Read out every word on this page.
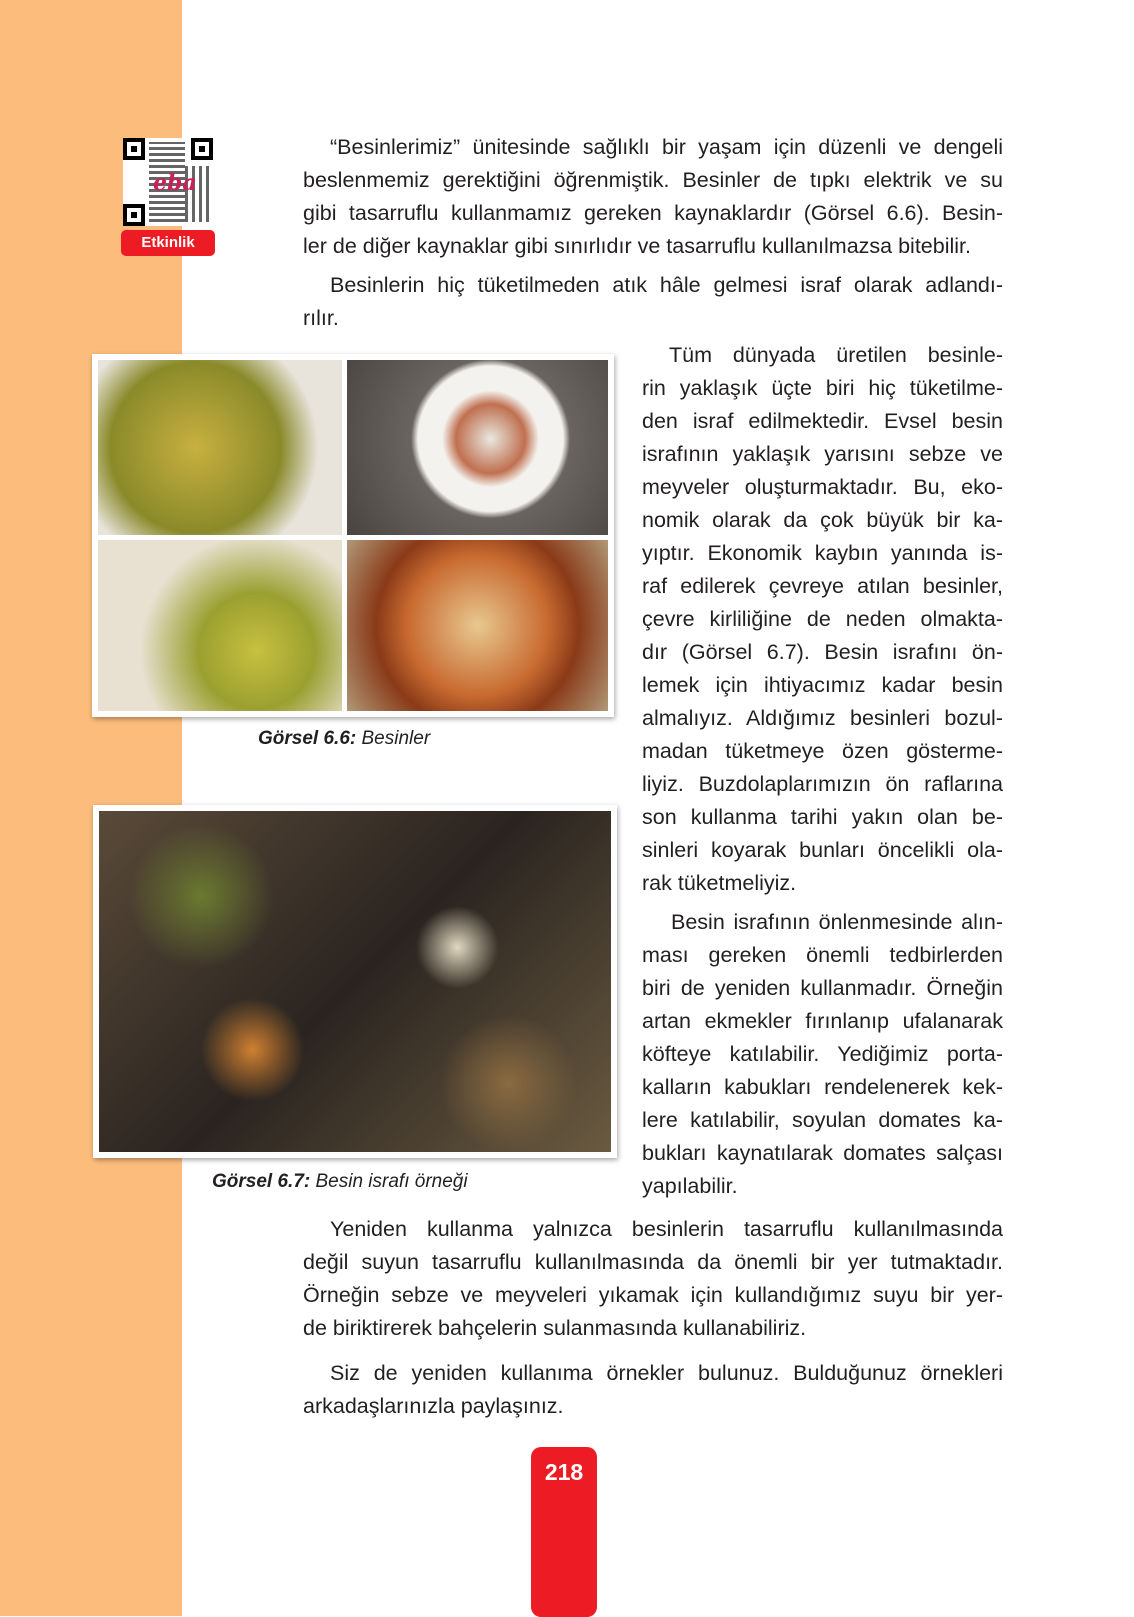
eba
Etkinlik
“Besinlerimiz” ünitesinde sağlıklı bir yaşam için düzenli ve dengeli
beslenmemiz gerektiğini öğrenmiştik. Besinler de tıpkı elektrik ve su
gibi tasarruflu kullanmamız gereken kaynaklardır (Görsel 6.6). Besin-
ler de diğer kaynaklar gibi sınırlıdır ve tasarruflu kullanılmazsa bitebilir.
Besinlerin hiç tüketilmeden atık hâle gelmesi israf olarak adlandı-
rılır.
Tüm dünyada üretilen besinle-
rin yaklaşık üçte biri hiç tüketilme-
den israf edilmektedir. Evsel besin
israfının yaklaşık yarısını sebze ve
meyveler oluşturmaktadır. Bu, eko-
nomik olarak da çok büyük bir ka-
yıptır. Ekonomik kaybın yanında is-
raf edilerek çevreye atılan besinler,
çevre kirliliğine de neden olmakta-
dır (Görsel 6.7). Besin israfını ön-
lemek için ihtiyacımız kadar besin
almalıyız. Aldığımız besinleri bozul-
madan tüketmeye özen gösterme-
liyiz. Buzdolaplarımızın ön raflarına
son kullanma tarihi yakın olan be-
sinleri koyarak bunları öncelikli ola-
rak tüketmeliyiz.
Besin israfının önlenmesinde alın-
ması gereken önemli tedbirlerden
biri de yeniden kullanmadır. Örneğin
artan ekmekler fırınlanıp ufalanarak
köfteye katılabilir. Yediğimiz porta-
kalların kabukları rendelenerek kek-
lere katılabilir, soyulan domates ka-
bukları kaynatılarak domates salçası
yapılabilir.
Yeniden kullanma yalnızca besinlerin tasarruflu kullanılmasında
değil suyun tasarruflu kullanılmasında da önemli bir yer tutmaktadır.
Örneğin sebze ve meyveleri yıkamak için kullandığımız suyu bir yer-
de biriktirerek bahçelerin sulanmasında kullanabiliriz.
Siz de yeniden kullanıma örnekler bulunuz. Bulduğunuz örnekleri
arkadaşlarınızla paylaşınız.
Görsel 6.6: Besinler
Görsel 6.7: Besin israfı örneği
218
